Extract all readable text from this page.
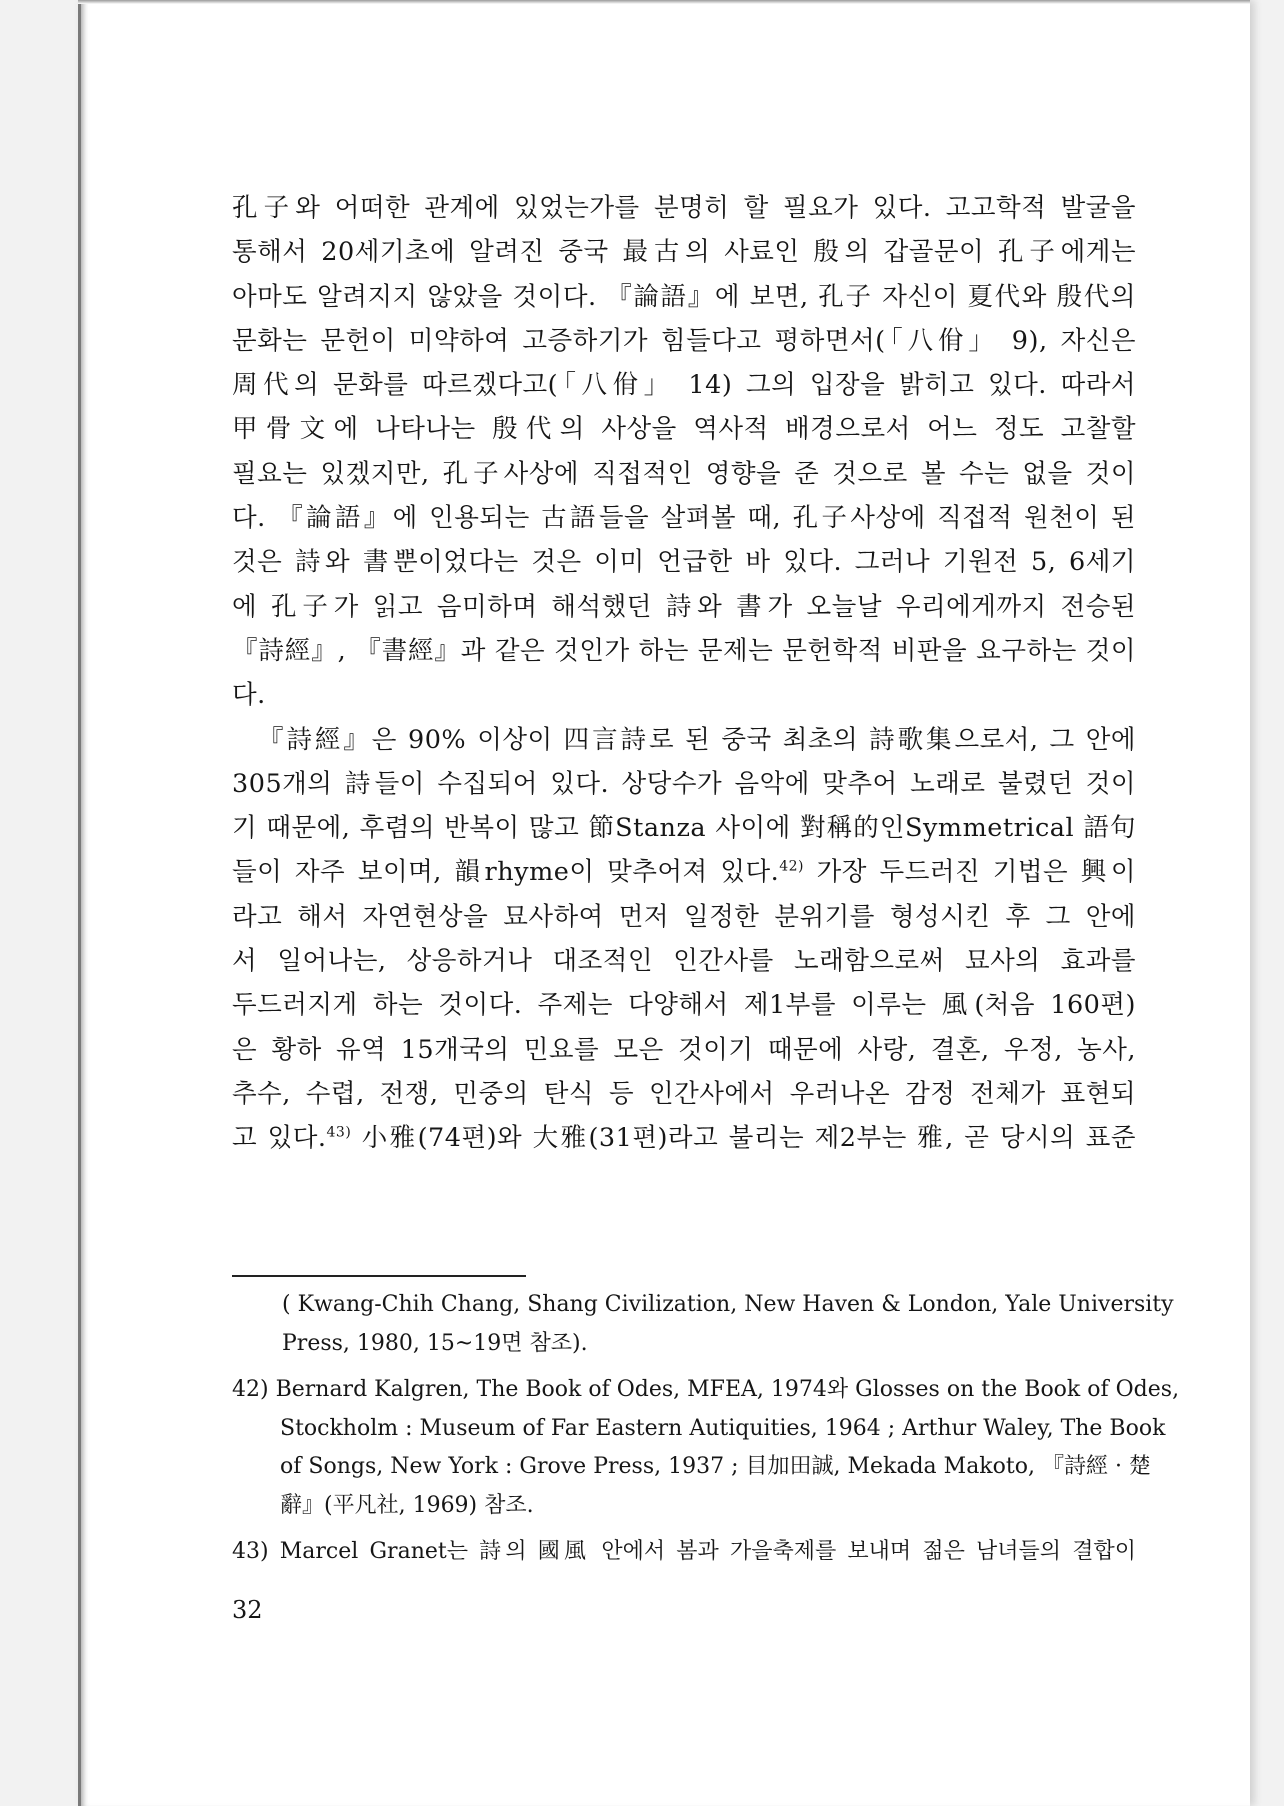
孔子와 어떠한 관계에 있었는가를 분명히 할 필요가 있다. 고고학적 발굴을
통해서 20세기초에 알려진 중국 最古의 사료인 殷의 갑골문이 孔子에게는
아마도 알려지지 않았을 것이다. 『論語』에 보면, 孔子 자신이 夏代와 殷代의
문화는 문헌이 미약하여 고증하기가 힘들다고 평하면서(「八佾」 9), 자신은
周代의 문화를 따르겠다고(「八佾」 14) 그의 입장을 밝히고 있다. 따라서
甲骨文에 나타나는 殷代의 사상을 역사적 배경으로서 어느 정도 고찰할
필요는 있겠지만, 孔子사상에 직접적인 영향을 준 것으로 볼 수는 없을 것이
다. 『論語』에 인용되는 古語들을 살펴볼 때, 孔子사상에 직접적 원천이 된
것은 詩와 書뿐이었다는 것은 이미 언급한 바 있다. 그러나 기원전 5, 6세기
에 孔子가 읽고 음미하며 해석했던 詩와 書가 오늘날 우리에게까지 전승된
『詩經』, 『書經』과 같은 것인가 하는 문제는 문헌학적 비판을 요구하는 것이
다.
『詩經』은 90% 이상이 四言詩로 된 중국 최초의 詩歌集으로서, 그 안에
305개의 詩들이 수집되어 있다. 상당수가 음악에 맞추어 노래로 불렸던 것이
기 때문에, 후렴의 반복이 많고 節Stanza 사이에 對稱的인Symmetrical 語句
들이 자주 보이며, 韻rhyme이 맞추어져 있다.$^{42)}$ 가장 두드러진 기법은 興이
라고 해서 자연현상을 묘사하여 먼저 일정한 분위기를 형성시킨 후 그 안에
서 일어나는, 상응하거나 대조적인 인간사를 노래함으로써 묘사의 효과를
두드러지게 하는 것이다. 주제는 다양해서 제1부를 이루는 風(처음 160편)
은 황하 유역 15개국의 민요를 모은 것이기 때문에 사랑, 결혼, 우정, 농사,
추수, 수렵, 전쟁, 민중의 탄식 등 인간사에서 우러나온 감정 전체가 표현되
고 있다.$^{43)}$ 小雅(74편)와 大雅(31편)라고 불리는 제2부는 雅, 곧 당시의 표준
( Kwang-Chih Chang, Shang Civilization, New Haven & London, Yale University
Press, 1980, 15~19면 참조).
42) Bernard Kalgren, The Book of Odes, MFEA, 1974와 Glosses on the Book of Odes,
Stockholm : Museum of Far Eastern Autiquities, 1964 ; Arthur Waley, The Book
of Songs, New York : Grove Press, 1937 ; 目加田誠, Mekada Makoto, 『詩經 · 楚
辭』(平凡社, 1969) 참조.
43) Marcel Granet는 詩의 國風 안에서 봄과 가을축제를 보내며 젊은 남녀들의 결합이
32
